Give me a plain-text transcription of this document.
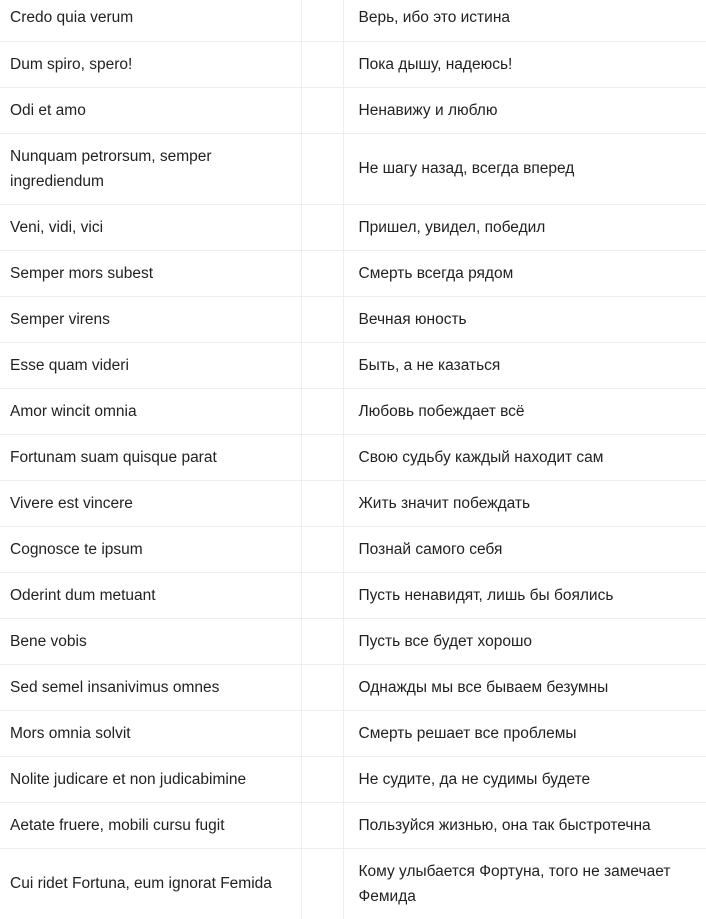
Credo quia verum		Верь, ибо это истина
Dum spiro, spero!		Пока дышу, надеюсь!
Odi et amo		Ненавижу и люблю
Nunquam petrorsum, semper ingrediendum		Не шагу назад, всегда вперед
Veni, vidi, vici		Пришел, увидел, победил
Semper mors subest		Смерть всегда рядом
Semper virens		Вечная юность
Esse quam videri		Быть, а не казаться
Amor wincit omnia		Любовь побеждает всё
Fortunam suam quisque parat		Свою судьбу каждый находит сам
Vivere est vincere		Жить значит побеждать
Cognosce te ipsum		Познай самого себя
Oderint dum metuant		Пусть ненавидят, лишь бы боялись
Bene vobis		Пусть все будет хорошо
Sed semel insanivimus omnes		Однажды мы все бываем безумны
Mors omnia solvit		Смерть решает все проблемы
Nolite judicare et non judicabimine		Не судите, да не судимы будете
Aetate fruere, mobili cursu fugit		Пользуйся жизнью, она так быстротечна
Cui ridet Fortuna, eum ignorat Femida		Кому улыбается Фортуна, того не замечает Фемида
